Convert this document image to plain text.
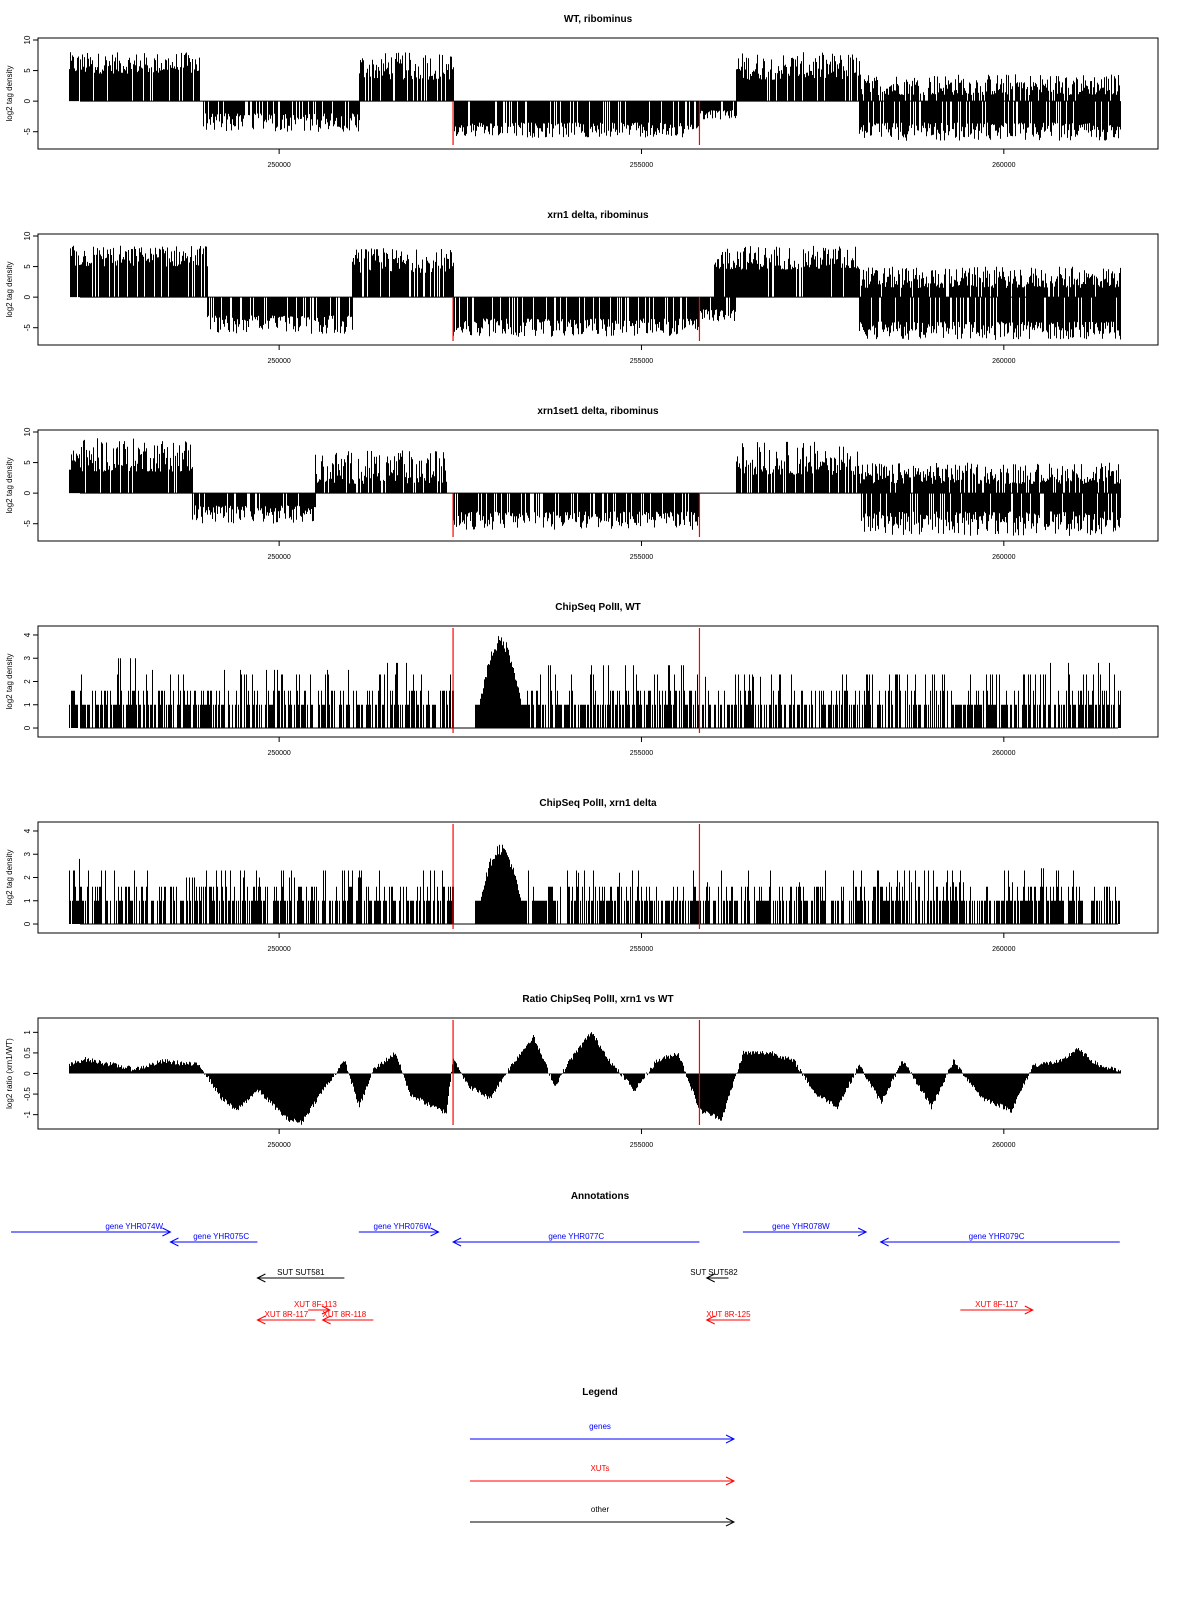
WT, ribominus
-5
0
5
10
log2 tag density
250000	255000	260000
xrn1 delta, ribominus
-5
0
5
10
log2 tag density
250000	255000	260000
xrn1set1 delta, ribominus
-5
0
5
10
log2 tag density
250000	255000	260000
ChipSeq PolII, WT
0
1
2
3
4
log2 tag density
250000	255000	260000
ChipSeq PolII, xrn1 delta
0
1
2
3
4
log2 tag density
250000	255000	260000
Ratio ChipSeq PolII, xrn1 vs WT
-1
-0.5
0
0.5
1
log2 ratio (xrn1/WT)
250000	255000	260000
Annotations
gene YHR074W
gene YHR075C
gene YHR076W
gene YHR077C
gene YHR078W
gene YHR079C
SUT SUT581	SUT SUT582
XUT 8F-113
XUT 8R-117 XUT 8R-118	XUT 8R-125
XUT 8F-117
Legend
genes
XUTs
other
